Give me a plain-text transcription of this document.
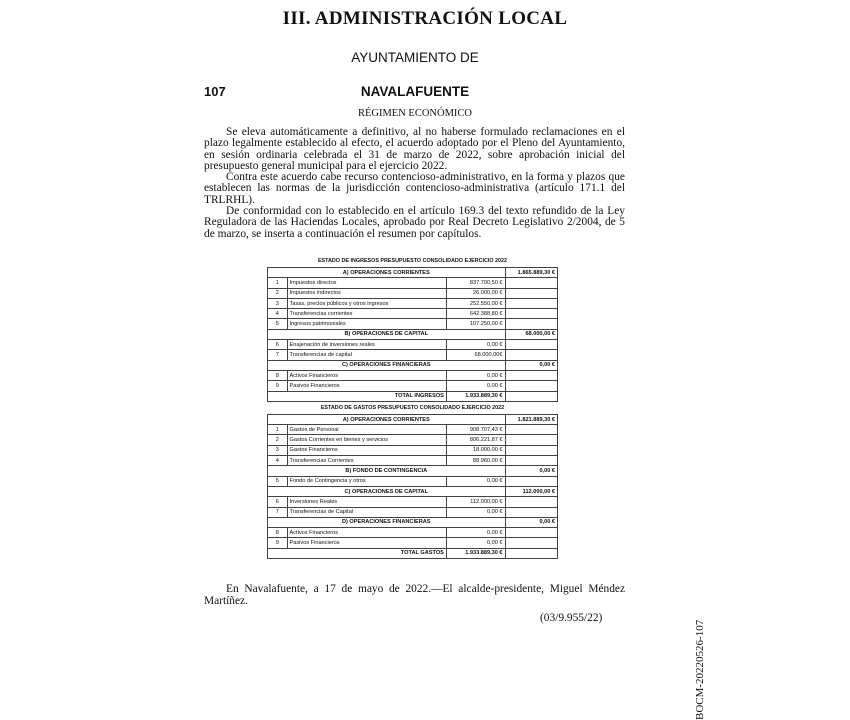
III. ADMINISTRACIÓN LOCAL
AYUNTAMIENTO DE
107	NAVALAFUENTE
RÉGIMEN ECONÓMICO

Se eleva automáticamente a definitivo, al no haberse formulado reclamaciones en el plazo legalmente establecido al efecto, el acuerdo adoptado por el Pleno del Ayuntamiento, en sesión ordinaria celebrada el 31 de marzo de 2022, sobre aprobación inicial del presupuesto general municipal para el ejercicio 2022.

Contra este acuerdo cabe recurso contencioso-administrativo, en la forma y plazos que establecen las normas de la jurisdicción contencioso-administrativa (artículo 171.1 del TRLRHL).

De conformidad con lo establecido en el artículo 169.3 del texto refundido de la Ley Reguladora de las Haciendas Locales, aprobado por Real Decreto Legislativo 2/2004, de 5 de marzo, se inserta a continuación el resumen por capítulos.

ESTADO DE INGRESOS PRESUPUESTO CONSOLIDADO EJERCICIO 2022			
A) OPERACIONES CORRIENTES			1.865.889,30 €
1	Impuestos directos	837.700,50 €	
2	Impuestos indirectos	26.000,00 €	
3	Tasas, precios públicos y otros ingresos	252.550,00 €	
4	Transferencias corrientes	642.388,80 €	
5	Ingresos patrimoniales	107.250,00 €	
B) OPERACIONES DE CAPITAL			68.000,00 €
6	Enajenación de inversiones reales	0,00 €	
7	Transferencias de capital	68.000,00€	
C) OPERACIONES FINANCIERAS			0,00 €
8	Activos Financieros	0,00 €	
9	Pasivos Financieros	0,00 €	
TOTAL INGRESOS		1.933.889,30 €	
ESTADO DE GASTOS PRESUPUESTO CONSOLIDADO EJERCICIO 2022			
A) OPERACIONES CORRIENTES			1.821.889,30 €
1	Gastos de Personal	908.707,43 €	
2	Gastos Corrientes en bienes y servicios	806.221,87 €	
3	Gastos Financieros	18.000,00 €	
4	Transferencias Corrientes	88.960,00 €	
B) FONDO DE CONTINGENCIA			0,00 €
5	Fondo de Contingencia y otros	0,00 €	
C) OPERACIONES DE CAPITAL			112.000,00 €
6	Inversiones Reales	112.000,00 €	
7	Transferencias de Capital	0,00 €	
D) OPERACIONES FINANCIERAS			0,00 €
8	Activos Financieros	0,00 €	
9	Pasivos Financieros	0,00 €	
TOTAL GASTOS		1.933.889,30 €	

En Navalafuente, a 17 de mayo de 2022.—El alcalde-presidente, Miguel Méndez Martíñez.

(03/9.955/22)
BOCM-20220526-107
